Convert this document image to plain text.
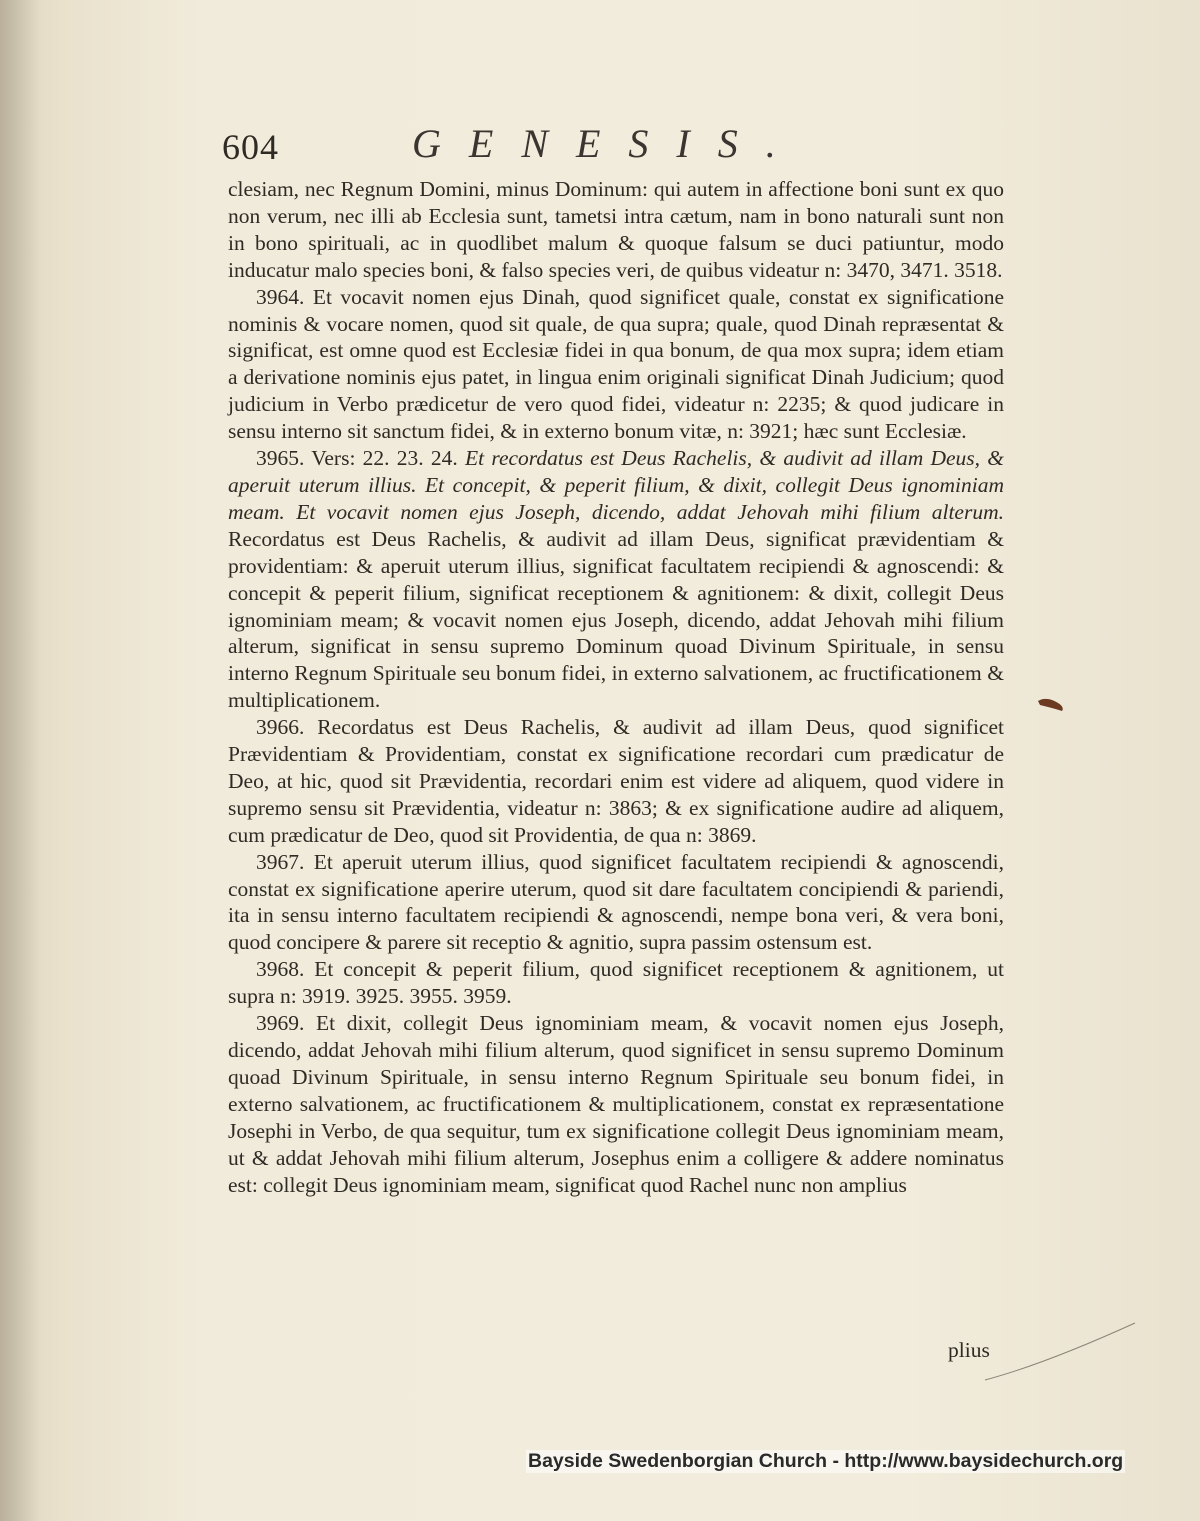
604	GENESIS.

clesiam, nec Regnum Domini, minus Dominum: qui autem in affectione boni sunt ex quo non verum, nec illi ab Ecclesia sunt, tametsi intra cætum, nam in bono naturali sunt non in bono spirituali, ac in quodlibet malum & quoque falsum se duci patiuntur, modo inducatur malo species boni, & falso species veri, de quibus videatur n: 3470, 3471. 3518.

3964. Et vocavit nomen ejus Dinah, quod significet quale, constat ex significatione nominis & vocare nomen, quod sit quale, de qua supra; quale, quod Dinah repræsentat & significat, est omne quod est Ecclesiæ fidei in qua bonum, de qua mox supra; idem etiam a derivatione nominis ejus patet, in lingua enim originali significat Dinah Judicium; quod judicium in Verbo prædicetur de vero quod fidei, videatur n: 2235; & quod judicare in sensu interno sit sanctum fidei, & in externo bonum vitæ, n: 3921; hæc sunt Ecclesiæ.

3965. Vers: 22. 23. 24. Et recordatus est Deus Rachelis, & audivit ad illam Deus, & aperuit uterum illius. Et concepit, & peperit filium, & dixit, collegit Deus ignominiam meam. Et vocavit nomen ejus Joseph, dicendo, addat Jehovah mihi filium alterum. Recordatus est Deus Rachelis, & audivit ad illam Deus, significat prævidentiam & providentiam: & aperuit uterum illius, significat facultatem recipiendi & agnoscendi: & concepit & peperit filium, significat receptionem & agnitionem: & dixit, collegit Deus ignominiam meam; & vocavit nomen ejus Joseph, dicendo, addat Jehovah mihi filium alterum, significat in sensu supremo Dominum quoad Divinum Spirituale, in sensu interno Regnum Spirituale seu bonum fidei, in externo salvationem, ac fructificationem & multiplicationem.

3966. Recordatus est Deus Rachelis, & audivit ad illam Deus, quod significet Prævidentiam & Providentiam, constat ex significatione recordari cum prædicatur de Deo, at hic, quod sit Prævidentia, recordari enim est videre ad aliquem, quod videre in supremo sensu sit Prævidentia, videatur n: 3863; & ex significatione audire ad aliquem, cum prædicatur de Deo, quod sit Providentia, de qua n: 3869.

3967. Et aperuit uterum illius, quod significet facultatem recipiendi & agnoscendi, constat ex significatione aperire uterum, quod sit dare facultatem concipiendi & pariendi, ita in sensu interno facultatem recipiendi & agnoscendi, nempe bona veri, & vera boni, quod concipere & parere sit receptio & agnitio, supra passim ostensum est.

3968. Et concepit & peperit filium, quod significet receptionem & agnitionem, ut supra n: 3919. 3925. 3955. 3959.

3969. Et dixit, collegit Deus ignominiam meam, & vocavit nomen ejus Joseph, dicendo, addat Jehovah mihi filium alterum, quod significet in sensu supremo Dominum quoad Divinum Spirituale, in sensu interno Regnum Spirituale seu bonum fidei, in externo salvationem, ac fructificationem & multiplicationem, constat ex repræsentatione Josephi in Verbo, de qua sequitur, tum ex significatione collegit Deus ignominiam meam, ut & addat Jehovah mihi filium alterum, Josephus enim a colligere & addere nominatus est: collegit Deus ignominiam meam, significat quod Rachel nunc non amplius

plius
Bayside Swedenborgian Church - http://www.baysidechurch.org
